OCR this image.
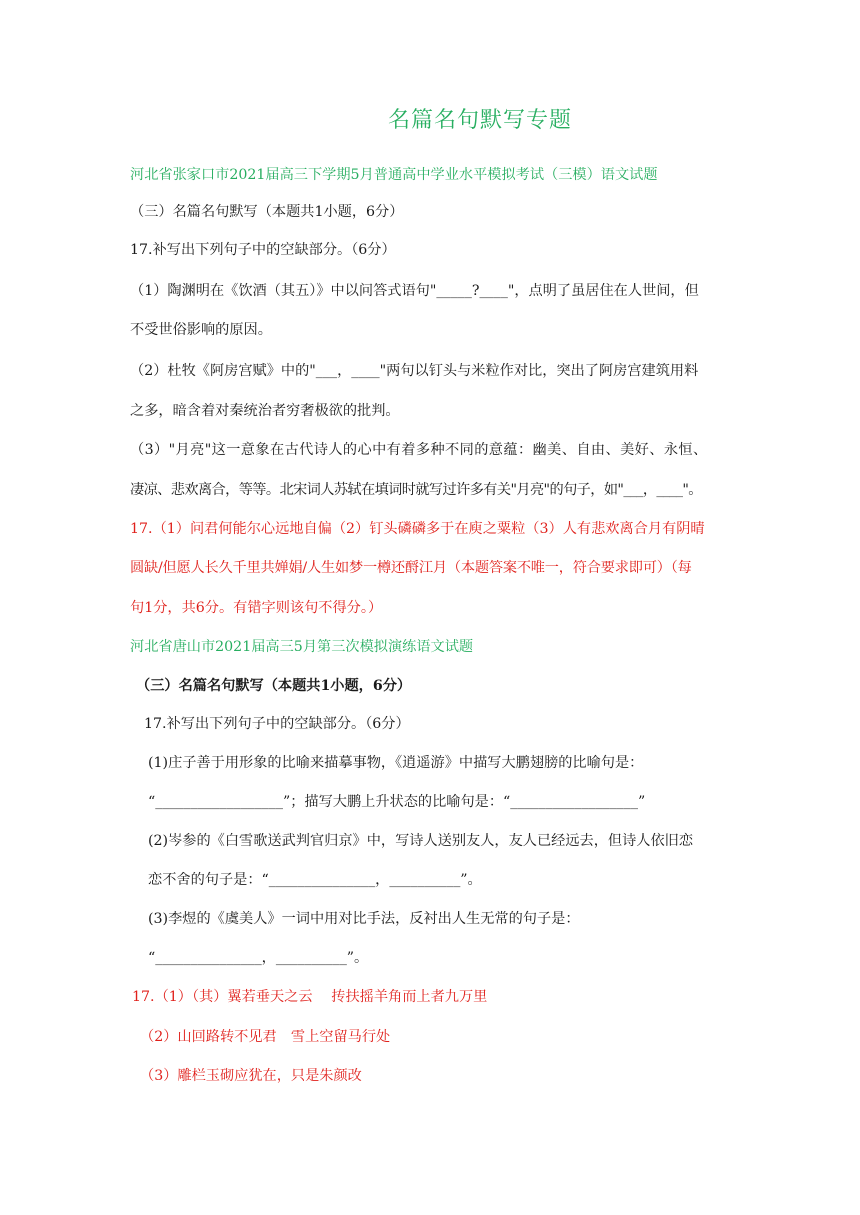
名篇名句默写专题
河北省张家口市2021届高三下学期5月普通高中学业水平模拟考试（三模）语文试题
（三）名篇名句默写（本题共1小题，6分）
17.补写出下列句子中的空缺部分。（6分）
（1）陶渊明在《饮酒（其五）》中以问答式语句"_____?____"，点明了虽居住在人世间，但
不受世俗影响的原因。
（2）杜牧《阿房宫赋》中的"___，____"两句以钉头与米粒作对比，突出了阿房宫建筑用料
之多，暗含着对秦统治者穷奢极欲的批判。
（3）"月亮"这一意象在古代诗人的心中有着多种不同的意蕴：幽美、自由、美好、永恒、
凄凉、悲欢离合，等等。北宋词人苏轼在填词时就写过许多有关"月亮"的句子，如"___，____"。
17.（1）问君何能尔心远地自偏（2）钉头磷磷多于在庾之粟粒（3）人有悲欢离合月有阴晴
圆缺/但愿人长久千里共婵娟/人生如梦一樽还酹江月（本题答案不唯一，符合要求即可）（每
句1分，共6分。有错字则该句不得分。）
河北省唐山市2021届高三5月第三次模拟演练语文试题
（三）名篇名句默写（本题共1小题，6分）
17.补写出下列句子中的空缺部分。（6分）
(1)庄子善于用形象的比喻来描摹事物，《逍遥游》中描写大鹏翅膀的比喻句是：
“__________________”；描写大鹏上升状态的比喻句是：“__________________”
(2)岑参的《白雪歌送武判官归京》中，写诗人送别友人，友人已经远去，但诗人依旧恋
恋不舍的句子是：“_______________，__________”。
(3)李煜的《虞美人》一词中用对比手法，反衬出人生无常的句子是：
“_______________，__________”。
17.（1）（其）翼若垂天之云　 抟扶摇羊角而上者九万里
（2）山回路转不见君　雪上空留马行处
（3）雕栏玉砌应犹在，只是朱颜改
